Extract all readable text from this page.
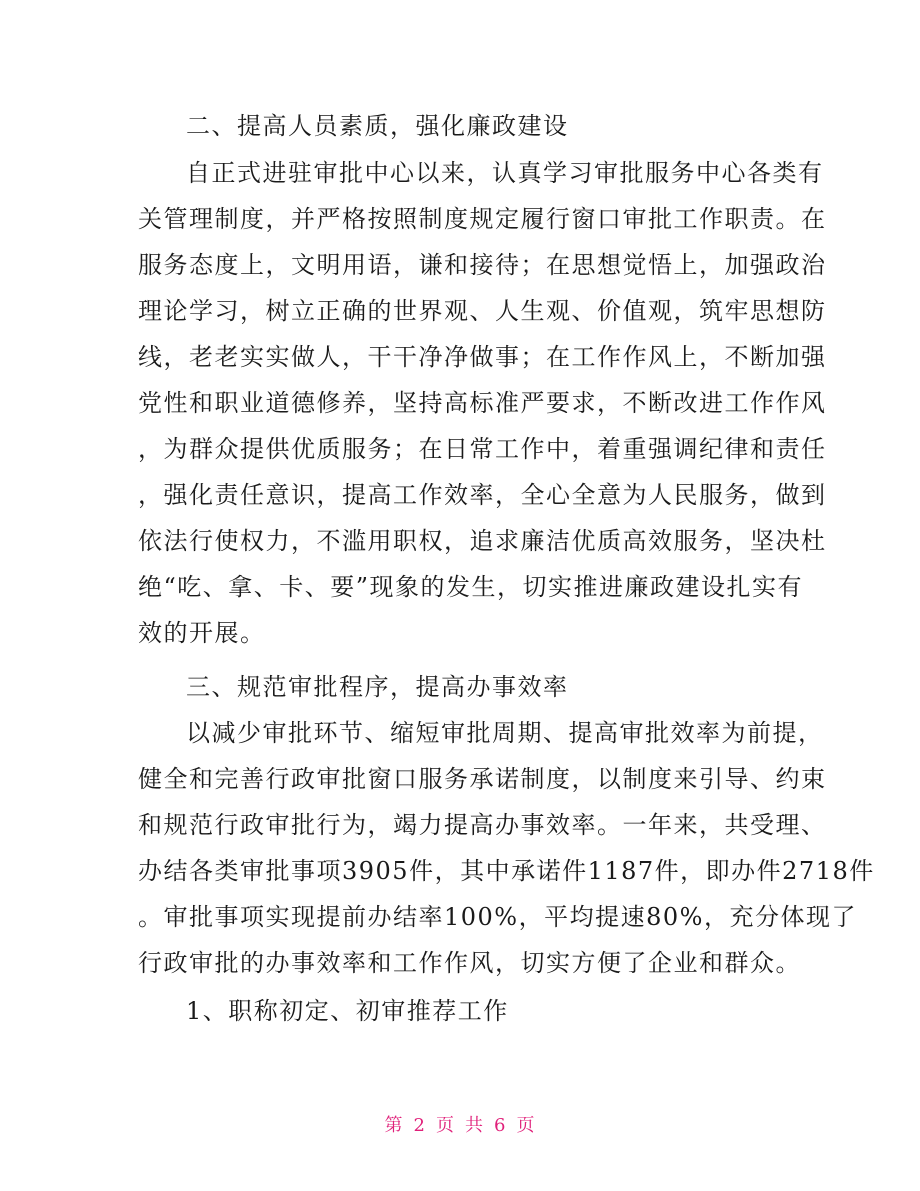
二、提高人员素质，强化廉政建设
自正式进驻审批中心以来，认真学习审批服务中心各类有
关管理制度，并严格按照制度规定履行窗口审批工作职责。在
服务态度上，文明用语，谦和接待；在思想觉悟上，加强政治
理论学习，树立正确的世界观、人生观、价值观，筑牢思想防
线，老老实实做人，干干净净做事；在工作作风上，不断加强
党性和职业道德修养，坚持高标准严要求，不断改进工作作风
，为群众提供优质服务；在日常工作中，着重强调纪律和责任
，强化责任意识，提高工作效率，全心全意为人民服务，做到
依法行使权力，不滥用职权，追求廉洁优质高效服务，坚决杜
绝“吃、拿、卡、要”现象的发生，切实推进廉政建设扎实有
效的开展。
三、规范审批程序，提高办事效率
以减少审批环节、缩短审批周期、提高审批效率为前提，
健全和完善行政审批窗口服务承诺制度，以制度来引导、约束
和规范行政审批行为，竭力提高办事效率。一年来，共受理、
办结各类审批事项3905件，其中承诺件1187件，即办件2718件
。审批事项实现提前办结率100%，平均提速80%，充分体现了
行政审批的办事效率和工作作风，切实方便了企业和群众。
1、职称初定、初审推荐工作
第 2 页 共 6 页
